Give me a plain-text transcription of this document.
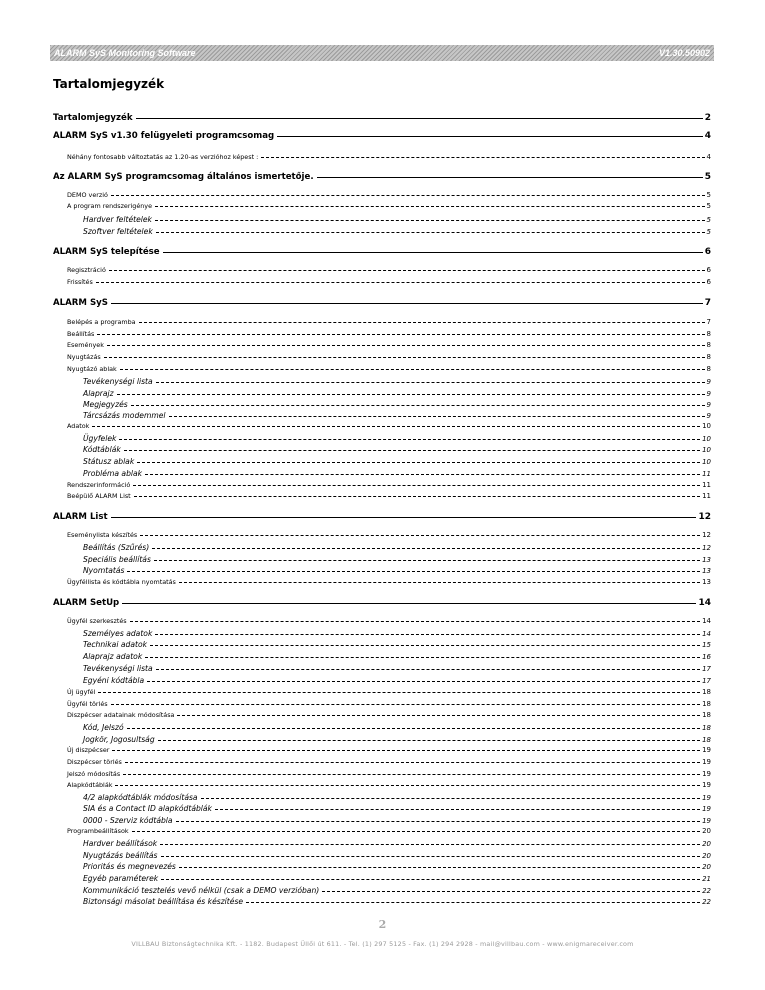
ALARM SyS Monitoring Software	V1.30.50902
Tartalomjegyzék
Tartalomjegyzék	2
ALARM SyS v1.30 felügyeleti programcsomag	4
Néhány fontosabb változtatás az 1.20-as verzióhoz képest :	4
Az ALARM SyS programcsomag általános ismertetője.	5
DEMO verzió	5
A program rendszerigénye	5
Hardver feltételek	5
Szoftver feltételek	5
ALARM SyS telepítése	6
Regisztráció	6
Frissítés	6
ALARM SyS	7
Belépés a programba	7
Beállítás	8
Események	8
Nyugtázás	8
Nyugtázó ablak	8
Tevékenységi lista	9
Alaprajz	9
Megjegyzés	9
Tárcsázás modemmel	9
Adatok	10
Ügyfelek	10
Kódtáblák	10
Státusz ablak	10
Probléma ablak	11
Rendszerinformáció	11
Beépülő ALARM List	11
ALARM List	12
Eseménylista készítés	12
Beállítás (Szűrés)	12
Speciális beállítás	13
Nyomtatás	13
Ügyféllista és kódtábla nyomtatás	13
ALARM SetUp	14
Ügyfél szerkesztés	14
Személyes adatok	14
Technikai adatok	15
Alaprajz adatok	16
Tevékenységi lista	17
Egyéni kódtábla	17
Új ügyfél	18
Ügyfél törlés	18
Diszpécser adatainak módosítása	18
Kód, Jelszó	18
Jogkör, Jogosultság	18
Új diszpécser	19
Diszpécser törlés	19
Jelszó módosítás	19
Alapkódtáblák	19
4/2 alapkódtáblák módosítása	19
SIA és a Contact ID alapkódtáblák	19
0000 - Szerviz kódtábla	19
Programbeállítások	20
Hardver beállítások	20
Nyugtázás beállítás	20
Prioritás és megnevezés	20
Egyéb paraméterek	21
Kommunikáció tesztelés vevő nélkül (csak a DEMO verzióban)	22
Biztonsági másolat beállítása és készítése	22
2
VILLBAU Biztonságtechnika Kft. - 1182. Budapest Üllői út 611. - Tel. (1) 297 5125 - Fax. (1) 294 2928 - mail@villbau.com - www.enigmareceiver.com
